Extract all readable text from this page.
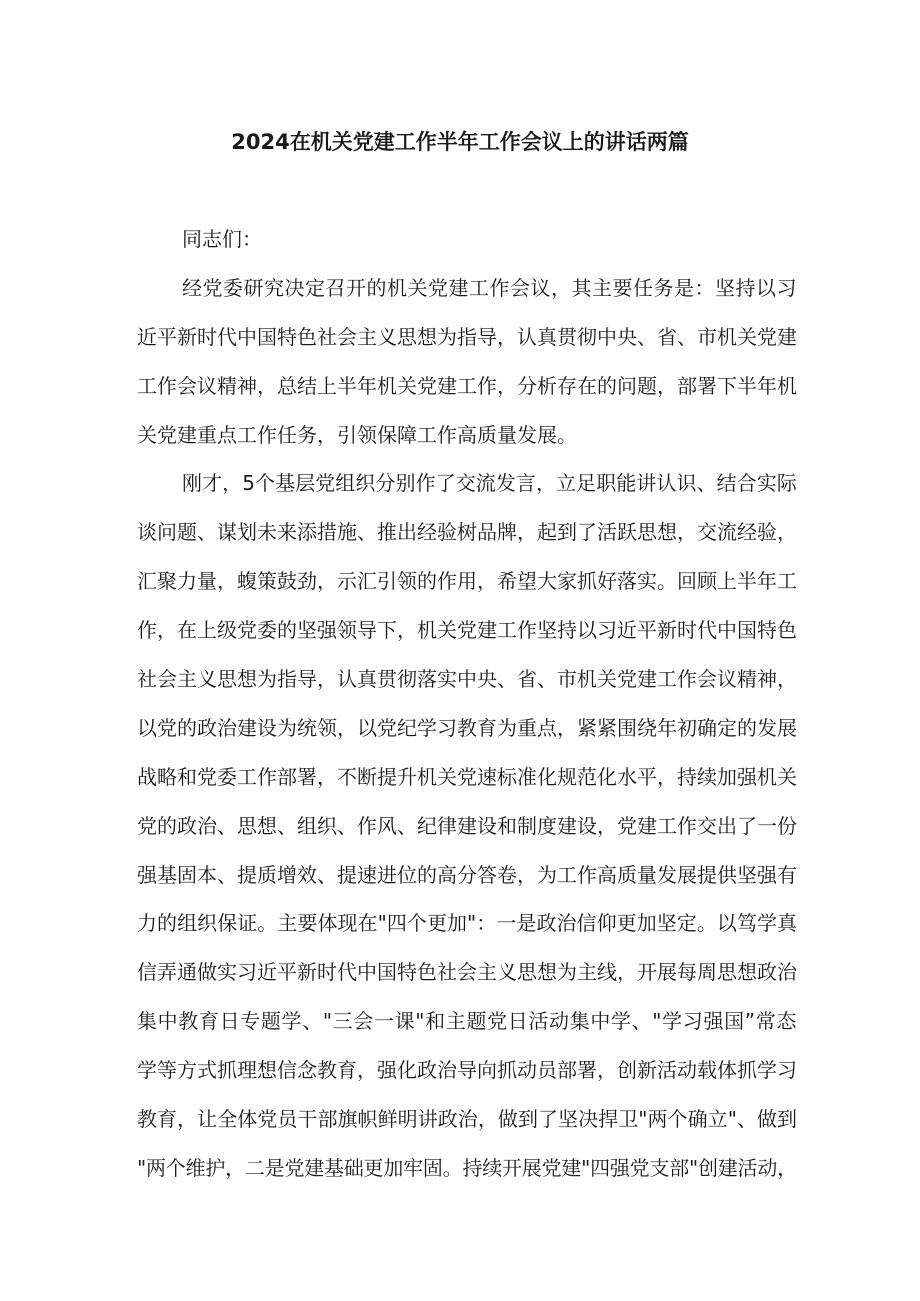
2024在机关党建工作半年工作会议上的讲话两篇
同志们：
经党委研究决定召开的机关党建工作会议，其主要任务是：坚持以习
近平新时代中国特色社会主义思想为指导，认真贯彻中央、省、市机关党建
工作会议精神，总结上半年机关党建工作，分析存在的问题，部署下半年机
关党建重点工作任务，引领保障工作高质量发展。
刚才，5个基层党组织分别作了交流发言，立足职能讲认识、结合实际
谈问题、谋划未来添措施、推出经验树品牌，起到了活跃思想，交流经验，
汇聚力量，蝮策鼓劲，示汇引领的作用，希望大家抓好落实。回顾上半年工
作，在上级党委的坚强领导下，机关党建工作坚持以习近平新时代中国特色
社会主义思想为指导，认真贯彻落实中央、省、市机关党建工作会议精神，
以党的政治建设为统领，以党纪学习教育为重点，紧紧围绕年初确定的发展
战略和党委工作部署，不断提升机关党速标准化规范化水平，持续加强机关
党的政治、思想、组织、作风、纪律建设和制度建设，党建工作交出了一份
强基固本、提质增效、提速进位的高分答卷，为工作高质量发展提供坚强有
力的组织保证。主要体现在"四个更加"：一是政治信仰更加坚定。以笃学真
信弄通做实习近平新时代中国特色社会主义思想为主线，开展每周思想政治
集中教育日专题学、"三会一课"和主题党日活动集中学、"学习强国”常态
学等方式抓理想信念教育，强化政治导向抓动员部署，创新活动载体抓学习
教育，让全体党员干部旗帜鲜明讲政治，做到了坚决捍卫"两个确立"、做到
"两个维护，二是党建基础更加牢固。持续开展党建"四强党支部"创建活动，
